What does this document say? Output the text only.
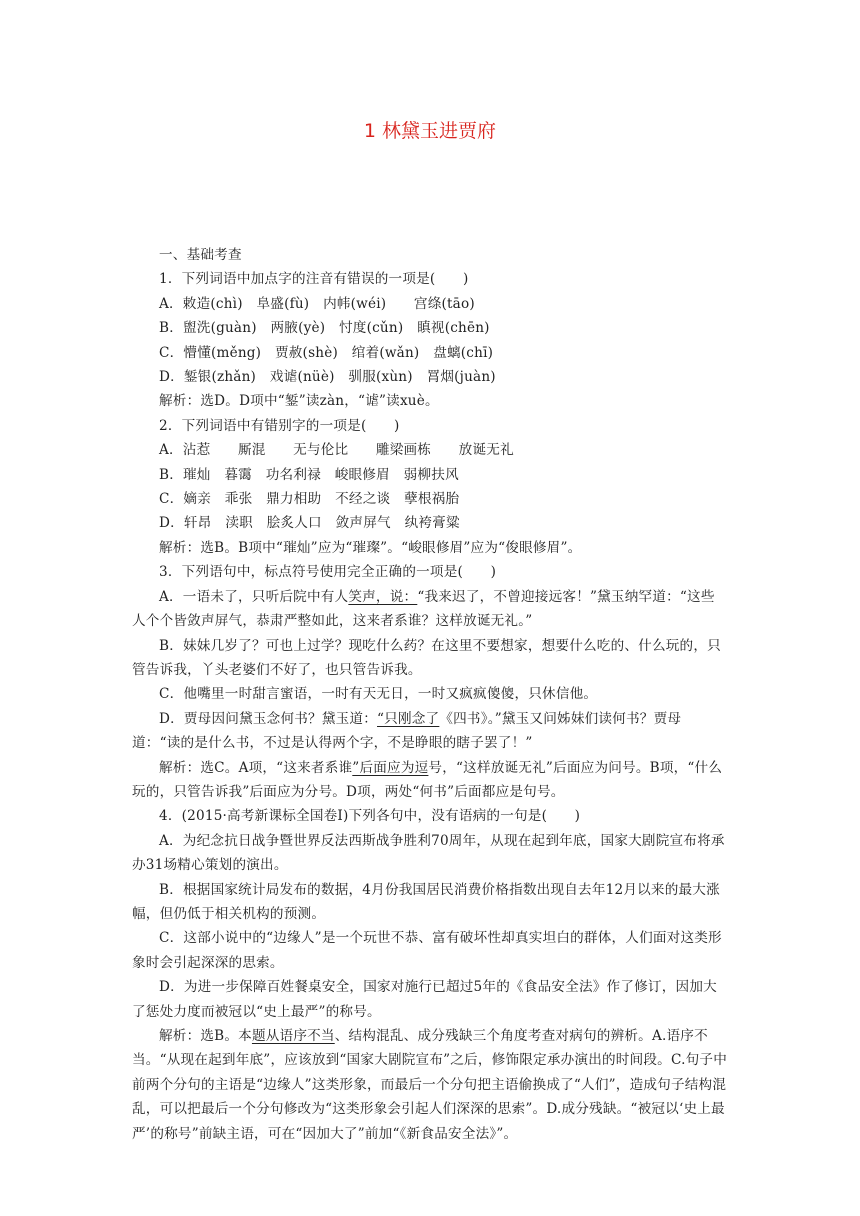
1 林黛玉进贾府

一、基础考查

1．下列词语中加点字的注音有错误的一项是(　　)

A．敕造(chì)　阜盛(fù)　内帏(wéi)　　宫绦(tāo)

B．盥洗(guàn)　两腋(yè)　忖度(cǔn)　瞋视(chēn)

C．懵懂(měng)　贾赦(shè)　绾着(wǎn)　盘螭(chī)

D．錾银(zhǎn)　戏谑(nüè)　驯服(xùn)　罥烟(juàn)

解析：选D。D项中“錾”读zàn，“谑”读xuè。

2．下列词语中有错别字的一项是(　　)

A．沾惹　　厮混　　无与伦比　　雕梁画栋　　放诞无礼

B．璀灿　暮霭　功名利禄　峻眼修眉　弱柳扶风

C．嫡亲　乖张　鼎力相助　不经之谈　孽根祸胎

D．轩昂　渎职　脍炙人口　敛声屏气　纨袴膏粱

解析：选B。B项中“璀灿”应为“璀璨”。“峻眼修眉”应为“俊眼修眉”。

3．下列语句中，标点符号使用完全正确的一项是(　　)

A．一语未了，只听后院中有人笑声，说：“我来迟了，不曾迎接远客！”黛玉纳罕道：“这些人个个皆敛声屏气，恭肃严整如此，这来者系谁？这样放诞无礼。”

B．妹妹几岁了？可也上过学？现吃什么药？在这里不要想家，想要什么吃的、什么玩的，只管告诉我，丫头老婆们不好了，也只管告诉我。

C．他嘴里一时甜言蜜语，一时有天无日，一时又疯疯傻傻，只休信他。

D．贾母因问黛玉念何书？黛玉道：“只刚念了《四书》。”黛玉又问姊妹们读何书？贾母道：“读的是什么书，不过是认得两个字，不是睁眼的瞎子罢了！”

解析：选C。A项，“这来者系谁”后面应为逗号，“这样放诞无礼”后面应为问号。B项，“什么玩的，只管告诉我”后面应为分号。D项，两处“何书”后面都应是句号。

4．(2015·高考新课标全国卷Ⅰ)下列各句中，没有语病的一句是(　　)

A．为纪念抗日战争暨世界反法西斯战争胜利70周年，从现在起到年底，国家大剧院宣布将承办31场精心策划的演出。

B．根据国家统计局发布的数据，4月份我国居民消费价格指数出现自去年12月以来的最大涨幅，但仍低于相关机构的预测。

C．这部小说中的“边缘人”是一个玩世不恭、富有破坏性却真实坦白的群体，人们面对这类形象时会引起深深的思索。

D．为进一步保障百姓餐桌安全，国家对施行已超过5年的《食品安全法》作了修订，因加大了惩处力度而被冠以“史上最严”的称号。

解析：选B。本题从语序不当、结构混乱、成分残缺三个角度考查对病句的辨析。A.语序不当。“从现在起到年底”，应该放到“国家大剧院宣布”之后，修饰限定承办演出的时间段。C.句子中前两个分句的主语是“边缘人”这类形象，而最后一个分句把主语偷换成了“人们”，造成句子结构混乱，可以把最后一个分句修改为“这类形象会引起人们深深的思索”。D.成分残缺。“被冠以‘史上最严’的称号”前缺主语，可在“因加大了”前加“《新食品安全法》”。
